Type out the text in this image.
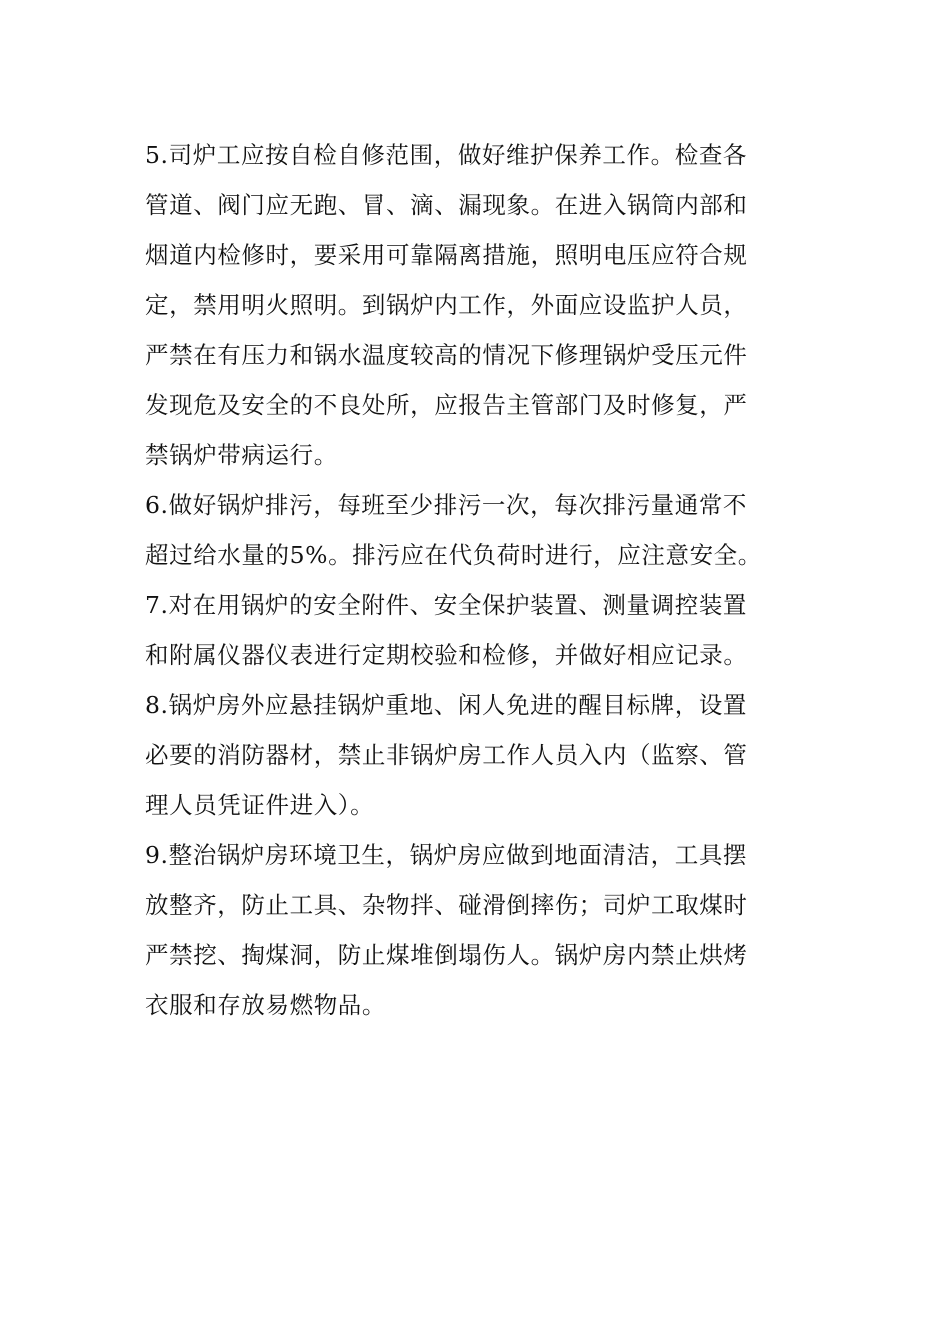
5.司炉工应按自检自修范围，做好维护保养工作。检查各
管道、阀门应无跑、冒、滴、漏现象。在进入锅筒内部和
烟道内检修时，要采用可靠隔离措施，照明电压应符合规
定，禁用明火照明。到锅炉内工作，外面应设监护人员，
严禁在有压力和锅水温度较高的情况下修理锅炉受压元件
发现危及安全的不良处所，应报告主管部门及时修复，严
禁锅炉带病运行。
6.做好锅炉排污，每班至少排污一次，每次排污量通常不
超过给水量的5%。排污应在代负荷时进行，应注意安全。
7.对在用锅炉的安全附件、安全保护装置、测量调控装置
和附属仪器仪表进行定期校验和检修，并做好相应记录。
8.锅炉房外应悬挂锅炉重地、闲人免进的醒目标牌，设置
必要的消防器材，禁止非锅炉房工作人员入内（监察、管
理人员凭证件进入）。
9.整治锅炉房环境卫生，锅炉房应做到地面清洁，工具摆
放整齐，防止工具、杂物拌、碰滑倒摔伤；司炉工取煤时
严禁挖、掏煤洞，防止煤堆倒塌伤人。锅炉房内禁止烘烤
衣服和存放易燃物品。
